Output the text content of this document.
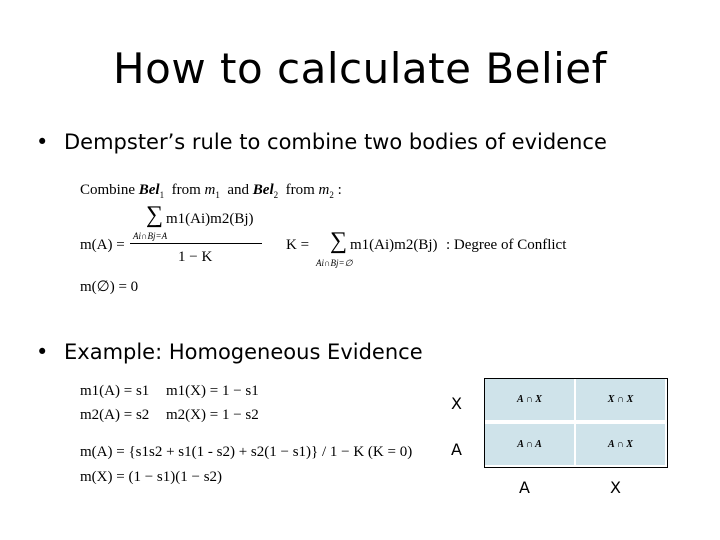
How to calculate Belief
• Dempster’s rule to combine two bodies of evidence
Combine Bel$_1$ from $m_1$ and Bel$_2$ from $m_2$ :
∑ m1(Ai)m2(Bj)
Ai∩Bj=A
m(A) =
1 − K
K = ∑ m1(Ai)m2(Bj)
Ai∩Bj=∅
: Degree of Conflict
m(∅) = 0
• Example: Homogeneous Evidence
m1(A) = s1 m1(X) = 1 − s1
m2(A) = s2 m2(X) = 1 − s2
m(A) = {s1s2 + s1(1 - s2) + s2(1 − s1)} / 1 − K (K = 0)
m(X) = (1 − s1)(1 − s2)
X
A
A ∩ X	X ∩ X
A ∩ A	A ∩ X
A	X
